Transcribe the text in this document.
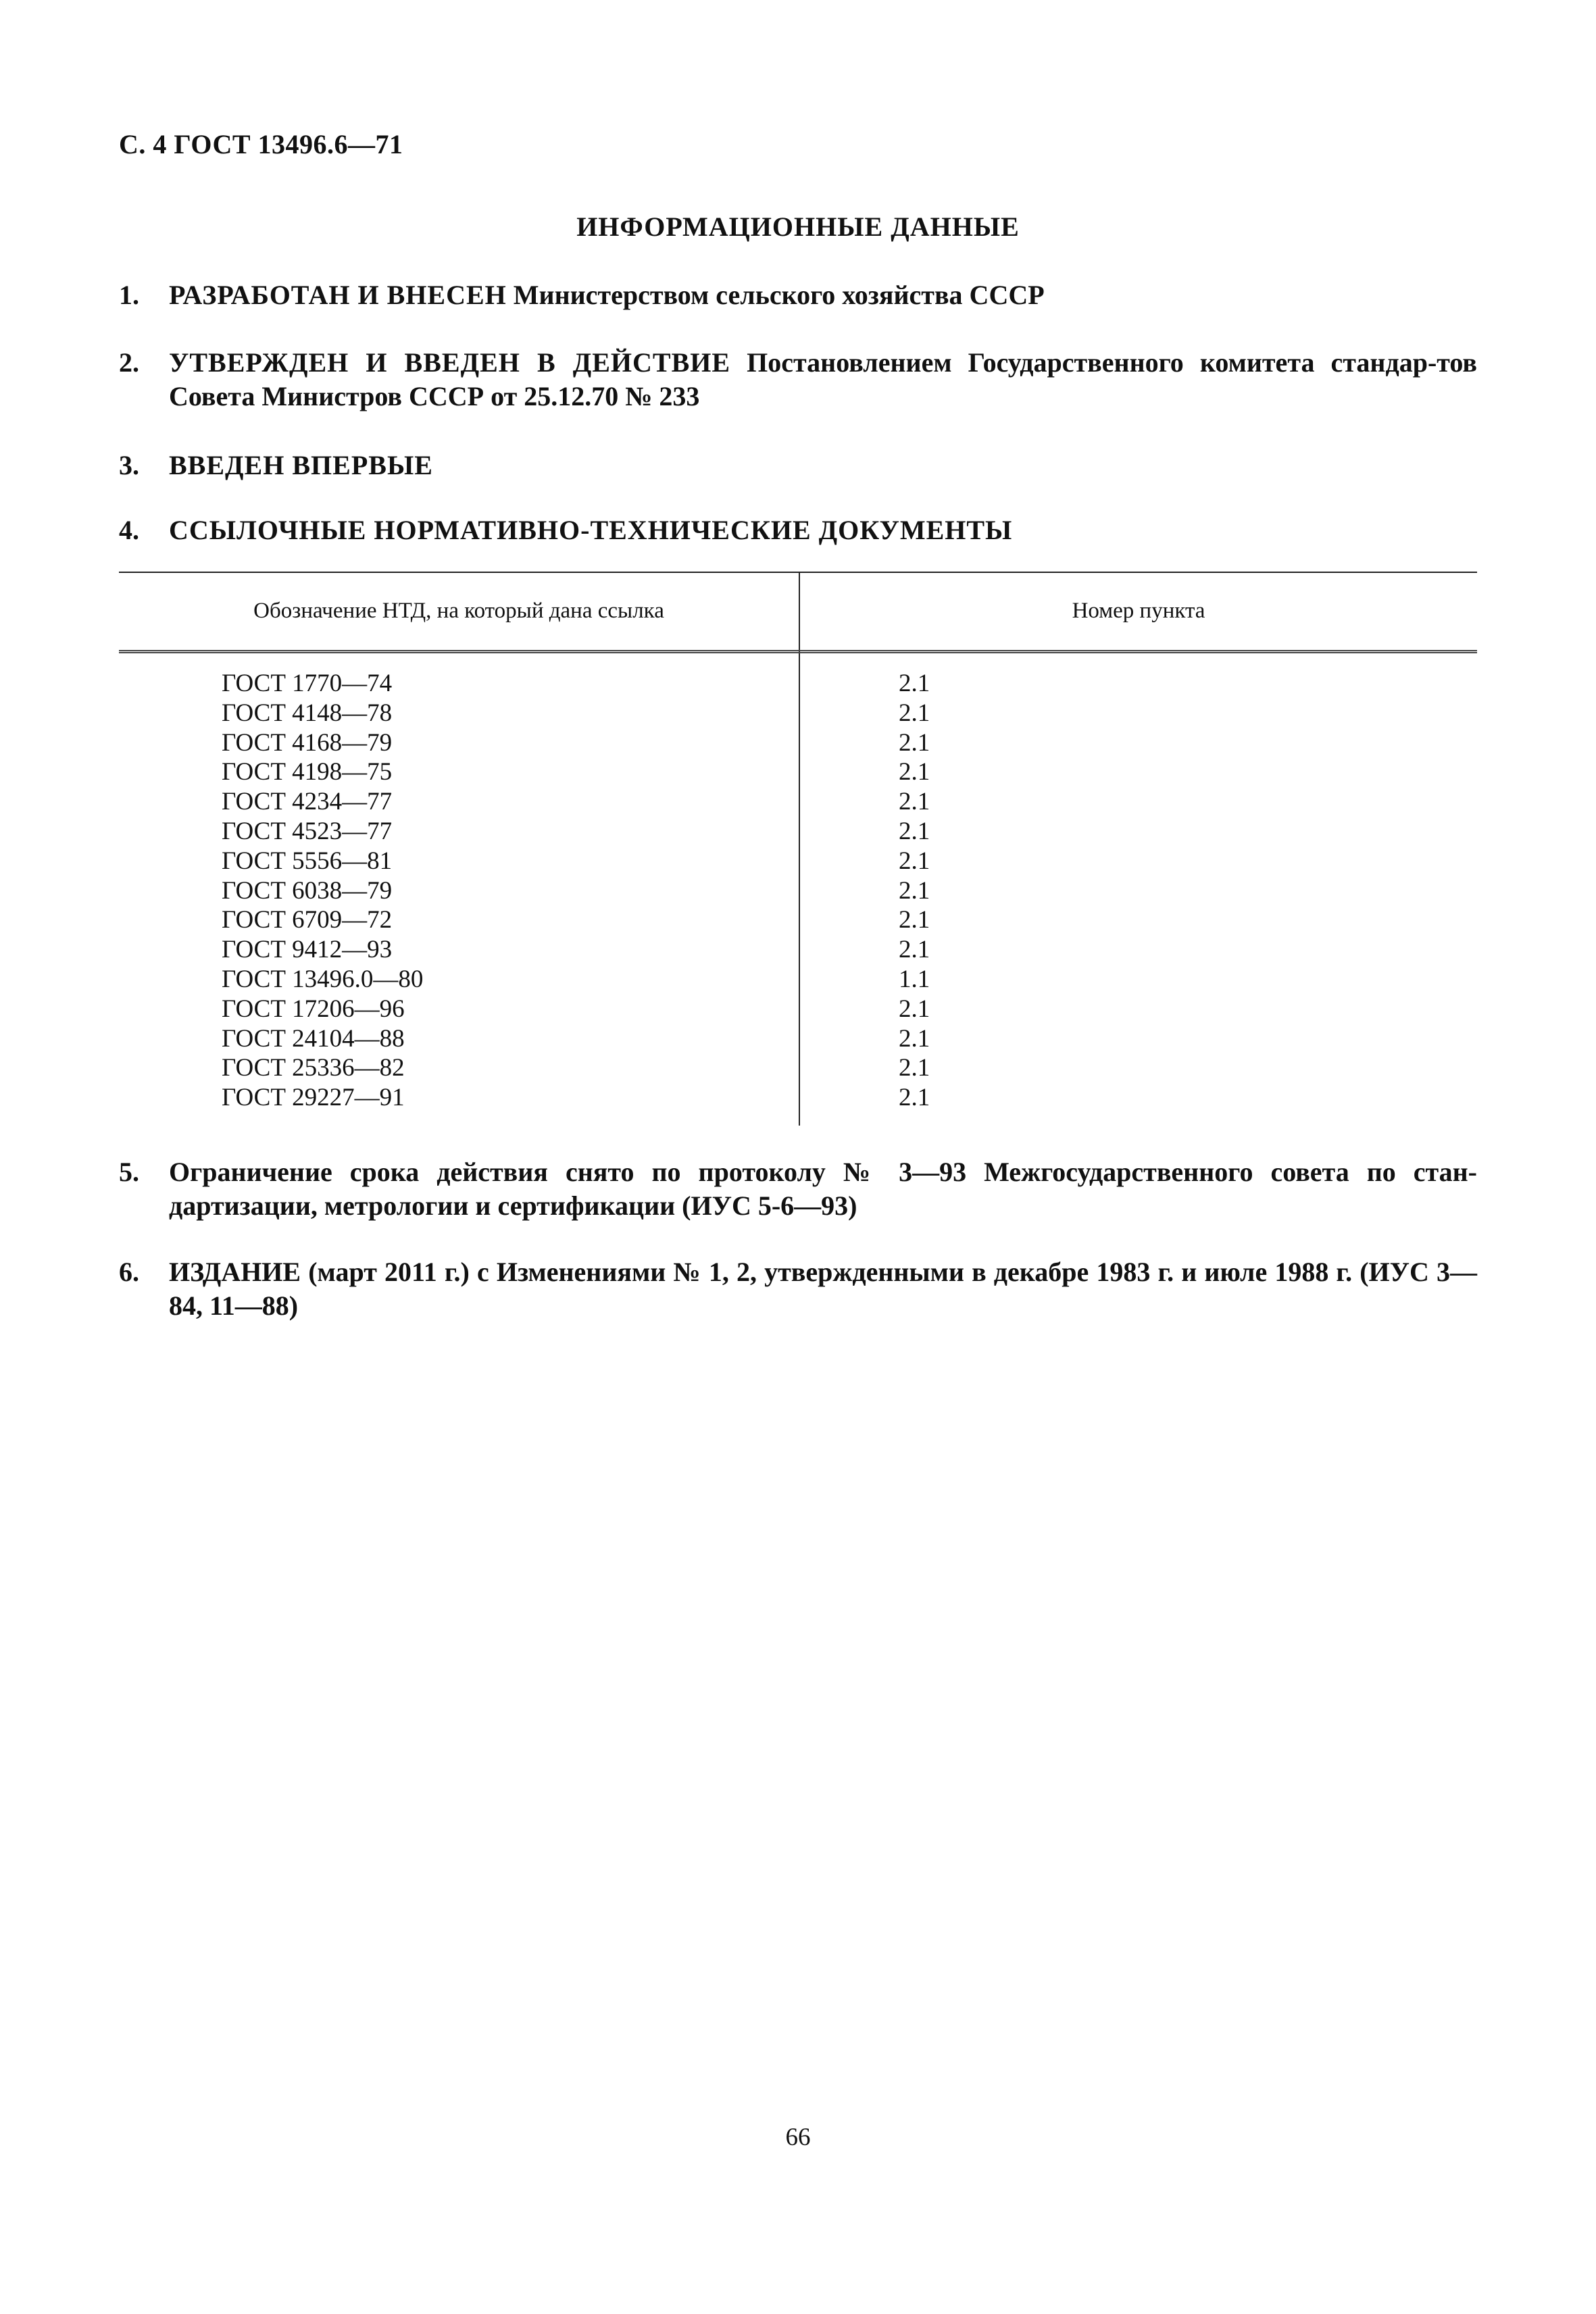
С. 4 ГОСТ 13496.6—71
ИНФОРМАЦИОННЫЕ ДАННЫЕ
1.	РАЗРАБОТАН И ВНЕСЕН Министерством сельского хозяйства СССР
2.	УТВЕРЖДЕН И ВВЕДЕН В ДЕЙСТВИЕ Постановлением Государственного комитета стандар-тов Совета Министров СССР от 25.12.70 № 233
3.	ВВЕДЕН ВПЕРВЫЕ
4.	ССЫЛОЧНЫЕ НОРМАТИВНО-ТЕХНИЧЕСКИЕ ДОКУМЕНТЫ
Обозначение НТД, на который дана ссылка	Номер пункта
ГОСТ 1770—74	2.1
ГОСТ 4148—78	2.1
ГОСТ 4168—79	2.1
ГОСТ 4198—75	2.1
ГОСТ 4234—77	2.1
ГОСТ 4523—77	2.1
ГОСТ 5556—81	2.1
ГОСТ 6038—79	2.1
ГОСТ 6709—72	2.1
ГОСТ 9412—93	2.1
ГОСТ 13496.0—80	1.1
ГОСТ 17206—96	2.1
ГОСТ 24104—88	2.1
ГОСТ 25336—82	2.1
ГОСТ 29227—91	2.1
5.	Ограничение срока действия снято по протоколу № 3—93 Межгосударственного совета по стан-дартизации, метрологии и сертификации (ИУС 5-6—93)
6.	ИЗДАНИЕ (март 2011 г.) с Изменениями № 1, 2, утвержденными в декабре 1983 г. и июле 1988 г. (ИУС 3—84, 11—88)
66
